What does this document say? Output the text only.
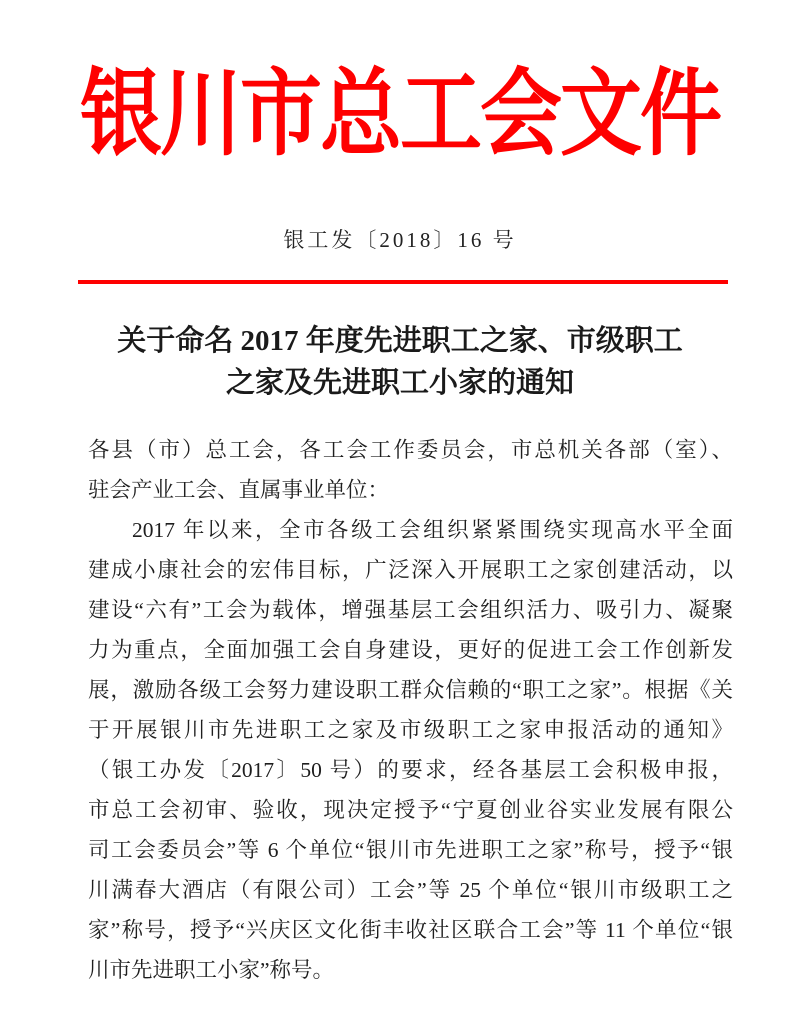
银川市总工会文件
银工发〔2018〕16 号
关于命名 2017 年度先进职工之家、市级职工
之家及先进职工小家的通知
各县（市）总工会，各工会工作委员会，市总机关各部（室）、
驻会产业工会、直属事业单位：
2017 年以来，全市各级工会组织紧紧围绕实现高水平全面
建成小康社会的宏伟目标，广泛深入开展职工之家创建活动，以
建设“六有”工会为载体，增强基层工会组织活力、吸引力、凝聚
力为重点，全面加强工会自身建设，更好的促进工会工作创新发
展，激励各级工会努力建设职工群众信赖的“职工之家”。根据《关
于开展银川市先进职工之家及市级职工之家申报活动的通知》
（银工办发〔2017〕50 号）的要求，经各基层工会积极申报，
市总工会初审、验收，现决定授予“宁夏创业谷实业发展有限公
司工会委员会”等 6 个单位“银川市先进职工之家”称号，授予“银
川满春大酒店（有限公司）工会”等 25 个单位“银川市级职工之
家”称号，授予“兴庆区文化街丰收社区联合工会”等 11 个单位“银
川市先进职工小家”称号。
